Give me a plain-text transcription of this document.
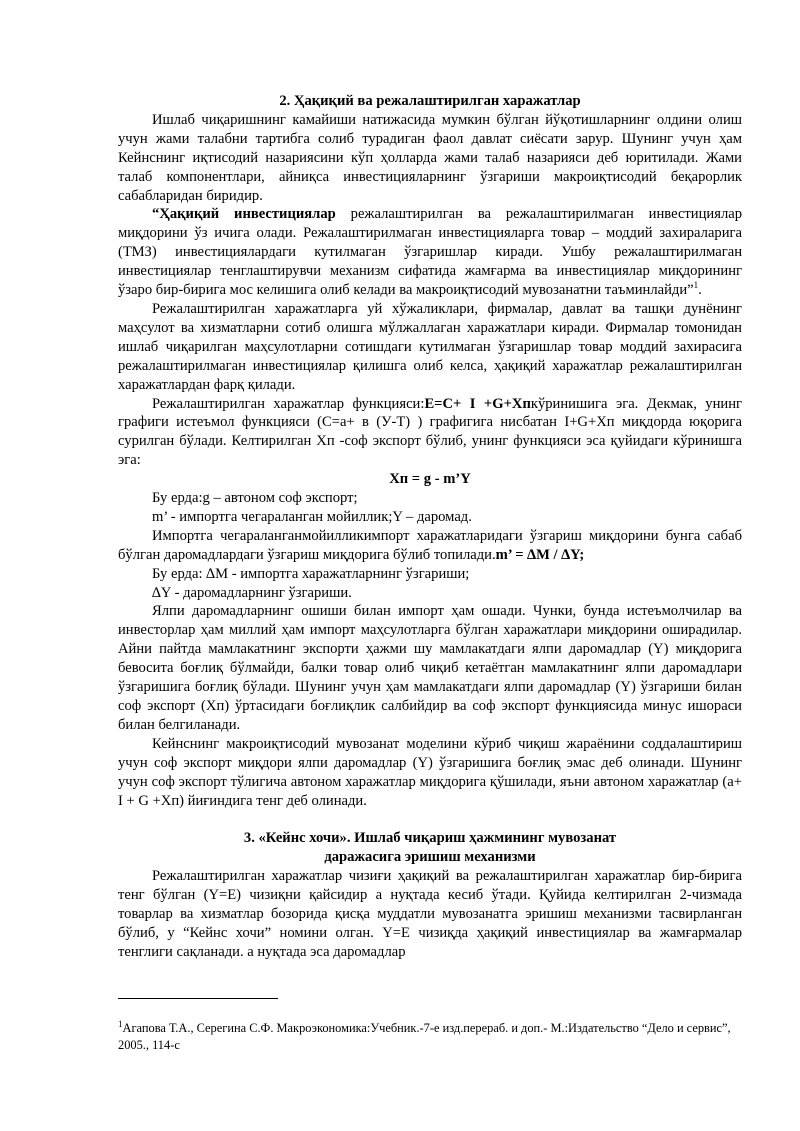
2. Ҳақиқий ва режалаштирилган харажатлар

Ишлаб чиқаришнинг камайиши натижасида мумкин бўлган йўқотишларнинг олдини олиш учун жами талабни тартибга солиб турадиган фаол давлат сиёсати зарур. Шунинг учун ҳам Кейнснинг иқтисодий назариясини кўп ҳолларда жами талаб назарияси деб юритилади. Жами талаб компонентлари, айниқса инвестицияларнинг ўзгариши макроиқтисодий беқарорлик сабабларидан биридир.

“Ҳақиқий инвестициялар режалаштирилган ва режалаштирилмаган инвестициялар миқдорини ўз ичига олади. Режалаштирилмаган инвестицияларга товар – моддий захираларига (ТМЗ) инвестициялардаги кутилмаган ўзгаришлар киради. Ушбу режалаштирилмаган инвестициялар тенглаштирувчи механизм сифатида жамғарма ва инвестициялар миқдорининг ўзаро бир-бирига мос келишига олиб келади ва макроиқтисодий мувозанатни таъминлайди”$^1$.

Режалаштирилган харажатларга уй хўжаликлари, фирмалар, давлат ва ташқи дунёнинг маҳсулот ва хизматларни сотиб олишга мўлжаллаган харажатлари киради. Фирмалар томонидан ишлаб чиқарилган маҳсулотларни сотишдаги кутилмаган ўзгаришлар товар моддий захирасига режалаштирилмаган инвестициялар қилишга олиб келса, ҳақиқий харажатлар режалаштирилган харажатлардан фарқ қилади.

Режалаштирилган харажатлар функцияси:E=C+ I +G+Хпкўринишига эга. Декмак, унинг графиги истеъмол функцияси (С=а+ в (У-Т) ) графигига нисбатан I+G+Хп миқдорда юқорига сурилган бўлади. Келтирилган Хп -соф экспорт бўлиб, унинг функцияси эса қуйидаги кўринишга эга:

Хп = g - m’Y

Бу ерда:g – автоном соф экспорт;

m’ - импортга чегараланган мойиллик;Y – даромад.

Импортга чегараланганмойилликимпорт харажатларидаги ўзгариш миқдорини бунга сабаб бўлган даромадлардаги ўзгариш миқдорига бўлиб топилади.m’ = ∆M / ∆Y;

Бу ерда: ∆M - импортга харажатларнинг ўзгариши;

∆Y - даромадларнинг ўзгариши.

Ялпи даромадларнинг ошиши билан импорт ҳам ошади. Чунки, бунда истеъмолчилар ва инвесторлар ҳам миллий ҳам импорт маҳсулотларга бўлган харажатлари миқдорини оширадилар. Айни пайтда мамлакатнинг экспорти ҳажми шу мамлакатдаги ялпи даромадлар (Y) миқдорига бевосита боғлиқ бўлмайди, балки товар олиб чиқиб кетаётган мамлакатнинг ялпи даромадлари ўзгаришига боғлиқ бўлади. Шунинг учун ҳам мамлакатдаги ялпи даромадлар (Y) ўзгариши билан соф экспорт (Хп) ўртасидаги боғлиқлик салбийдир ва соф экспорт функциясида минус ишораси билан белгиланади.

Кейнснинг макроиқтисодий мувозанат моделини кўриб чиқиш жараёнини соддалаштириш учун соф экспорт миқдори ялпи даромадлар (Y) ўзгаришига боғлиқ эмас деб олинади. Шунинг учун соф экспорт тўлигича автоном харажатлар миқдорига қўшилади, яъни автоном харажатлар (а+ I + G +Хп) йиғиндига тенг деб олинади.

3. «Кейнс хочи». Ишлаб чиқариш ҳажмининг мувозанат

даражасига эришиш механизми

Режалаштирилган харажатлар чизиғи ҳақиқий ва режалаштирилган харажатлар бир-бирига тенг бўлган (Y=E) чизиқни қайсидир а нуқтада кесиб ўтади. Қуйида келтирилган 2-чизмада товарлар ва хизматлар бозорида қисқа муддатли мувозанатга эришиш механизми тасвирланган бўлиб, у “Кейнс хочи” номини олган. Y=E чизиқда ҳақиқий инвестициялар ва жамғармалар тенглиги сақланади. а нуқтада эса даромадлар

$^1$Агапова Т.А., Серегина С.Ф. Макроэкономика:Учебник.-7-е изд.перераб. и доп.- М.:Издательство “Дело и сервис”, 2005., 114-с
